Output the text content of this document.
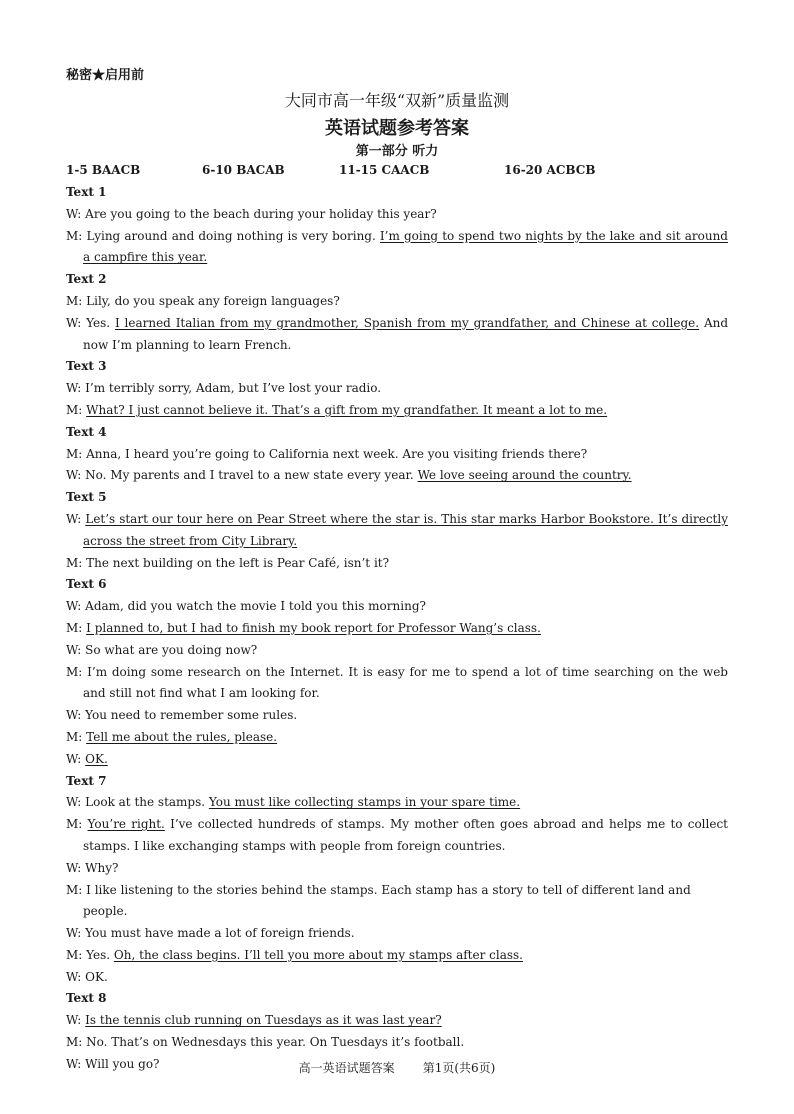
秘密★启用前
大同市高一年级“双新”质量监测
英语试题参考答案
第一部分 听力
1-5 BAACB	6-10 BACAB	11-15 CAACB	16-20 ACBCB
Text 1
W: Are you going to the beach during your holiday this year?
M: Lying around and doing nothing is very boring. I’m going to spend two nights by the lake and sit around a campfire this year.
Text 2
M: Lily, do you speak any foreign languages?
W: Yes. I learned Italian from my grandmother, Spanish from my grandfather, and Chinese at college. And now I’m planning to learn French.
Text 3
W: I’m terribly sorry, Adam, but I’ve lost your radio.
M: What? I just cannot believe it. That’s a gift from my grandfather. It meant a lot to me.
Text 4
M: Anna, I heard you’re going to California next week. Are you visiting friends there?
W: No. My parents and I travel to a new state every year. We love seeing around the country.
Text 5
W: Let’s start our tour here on Pear Street where the star is. This star marks Harbor Bookstore. It’s directly across the street from City Library.
M: The next building on the left is Pear Café, isn’t it?
Text 6
W: Adam, did you watch the movie I told you this morning?
M: I planned to, but I had to finish my book report for Professor Wang’s class.
W: So what are you doing now?
M: I’m doing some research on the Internet. It is easy for me to spend a lot of time searching on the web and still not find what I am looking for.
W: You need to remember some rules.
M: Tell me about the rules, please.
W: OK.
Text 7
W: Look at the stamps. You must like collecting stamps in your spare time.
M: You’re right. I’ve collected hundreds of stamps. My mother often goes abroad and helps me to collect stamps. I like exchanging stamps with people from foreign countries.
W: Why?
M: I like listening to the stories behind the stamps. Each stamp has a story to tell of different land and people.
W: You must have made a lot of foreign friends.
M: Yes. Oh, the class begins. I’ll tell you more about my stamps after class.
W: OK.
Text 8
W: Is the tennis club running on Tuesdays as it was last year?
M: No. That’s on Wednesdays this year. On Tuesdays it’s football.
W: Will you go?	高一英语试题答案 第1页(共6页)
